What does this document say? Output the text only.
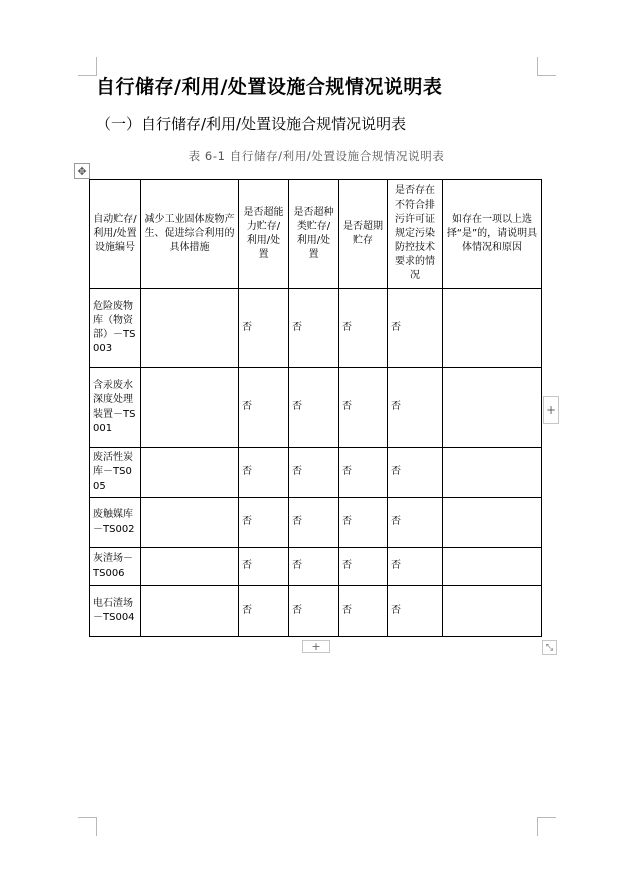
自行储存/利用/处置设施合规情况说明表
（一）自行储存/利用/处置设施合规情况说明表
表 6-1 自行储存/利用/处置设施合规情况说明表
✥
自动贮存/利用/处置设施编号	减少工业固体废物产生、促进综合利用的具体措施	是否超能力贮存/利用/处置	是否超种类贮存/利用/处置	是否超期贮存	是否存在不符合排污许可证规定污染防控技术要求的情况	如存在一项以上选择“是”的，请说明具体情况和原因
危险废物库（物资部）－TS003		否	否	否	否	
含汞废水深度处理装置－TS001		否	否	否	否	
废活性炭库－TS005		否	否	否	否	
废触媒库－TS002		否	否	否	否	
灰渣场－TS006		否	否	否	否	
电石渣场－TS004		否	否	否	否	
+
+	⤡
